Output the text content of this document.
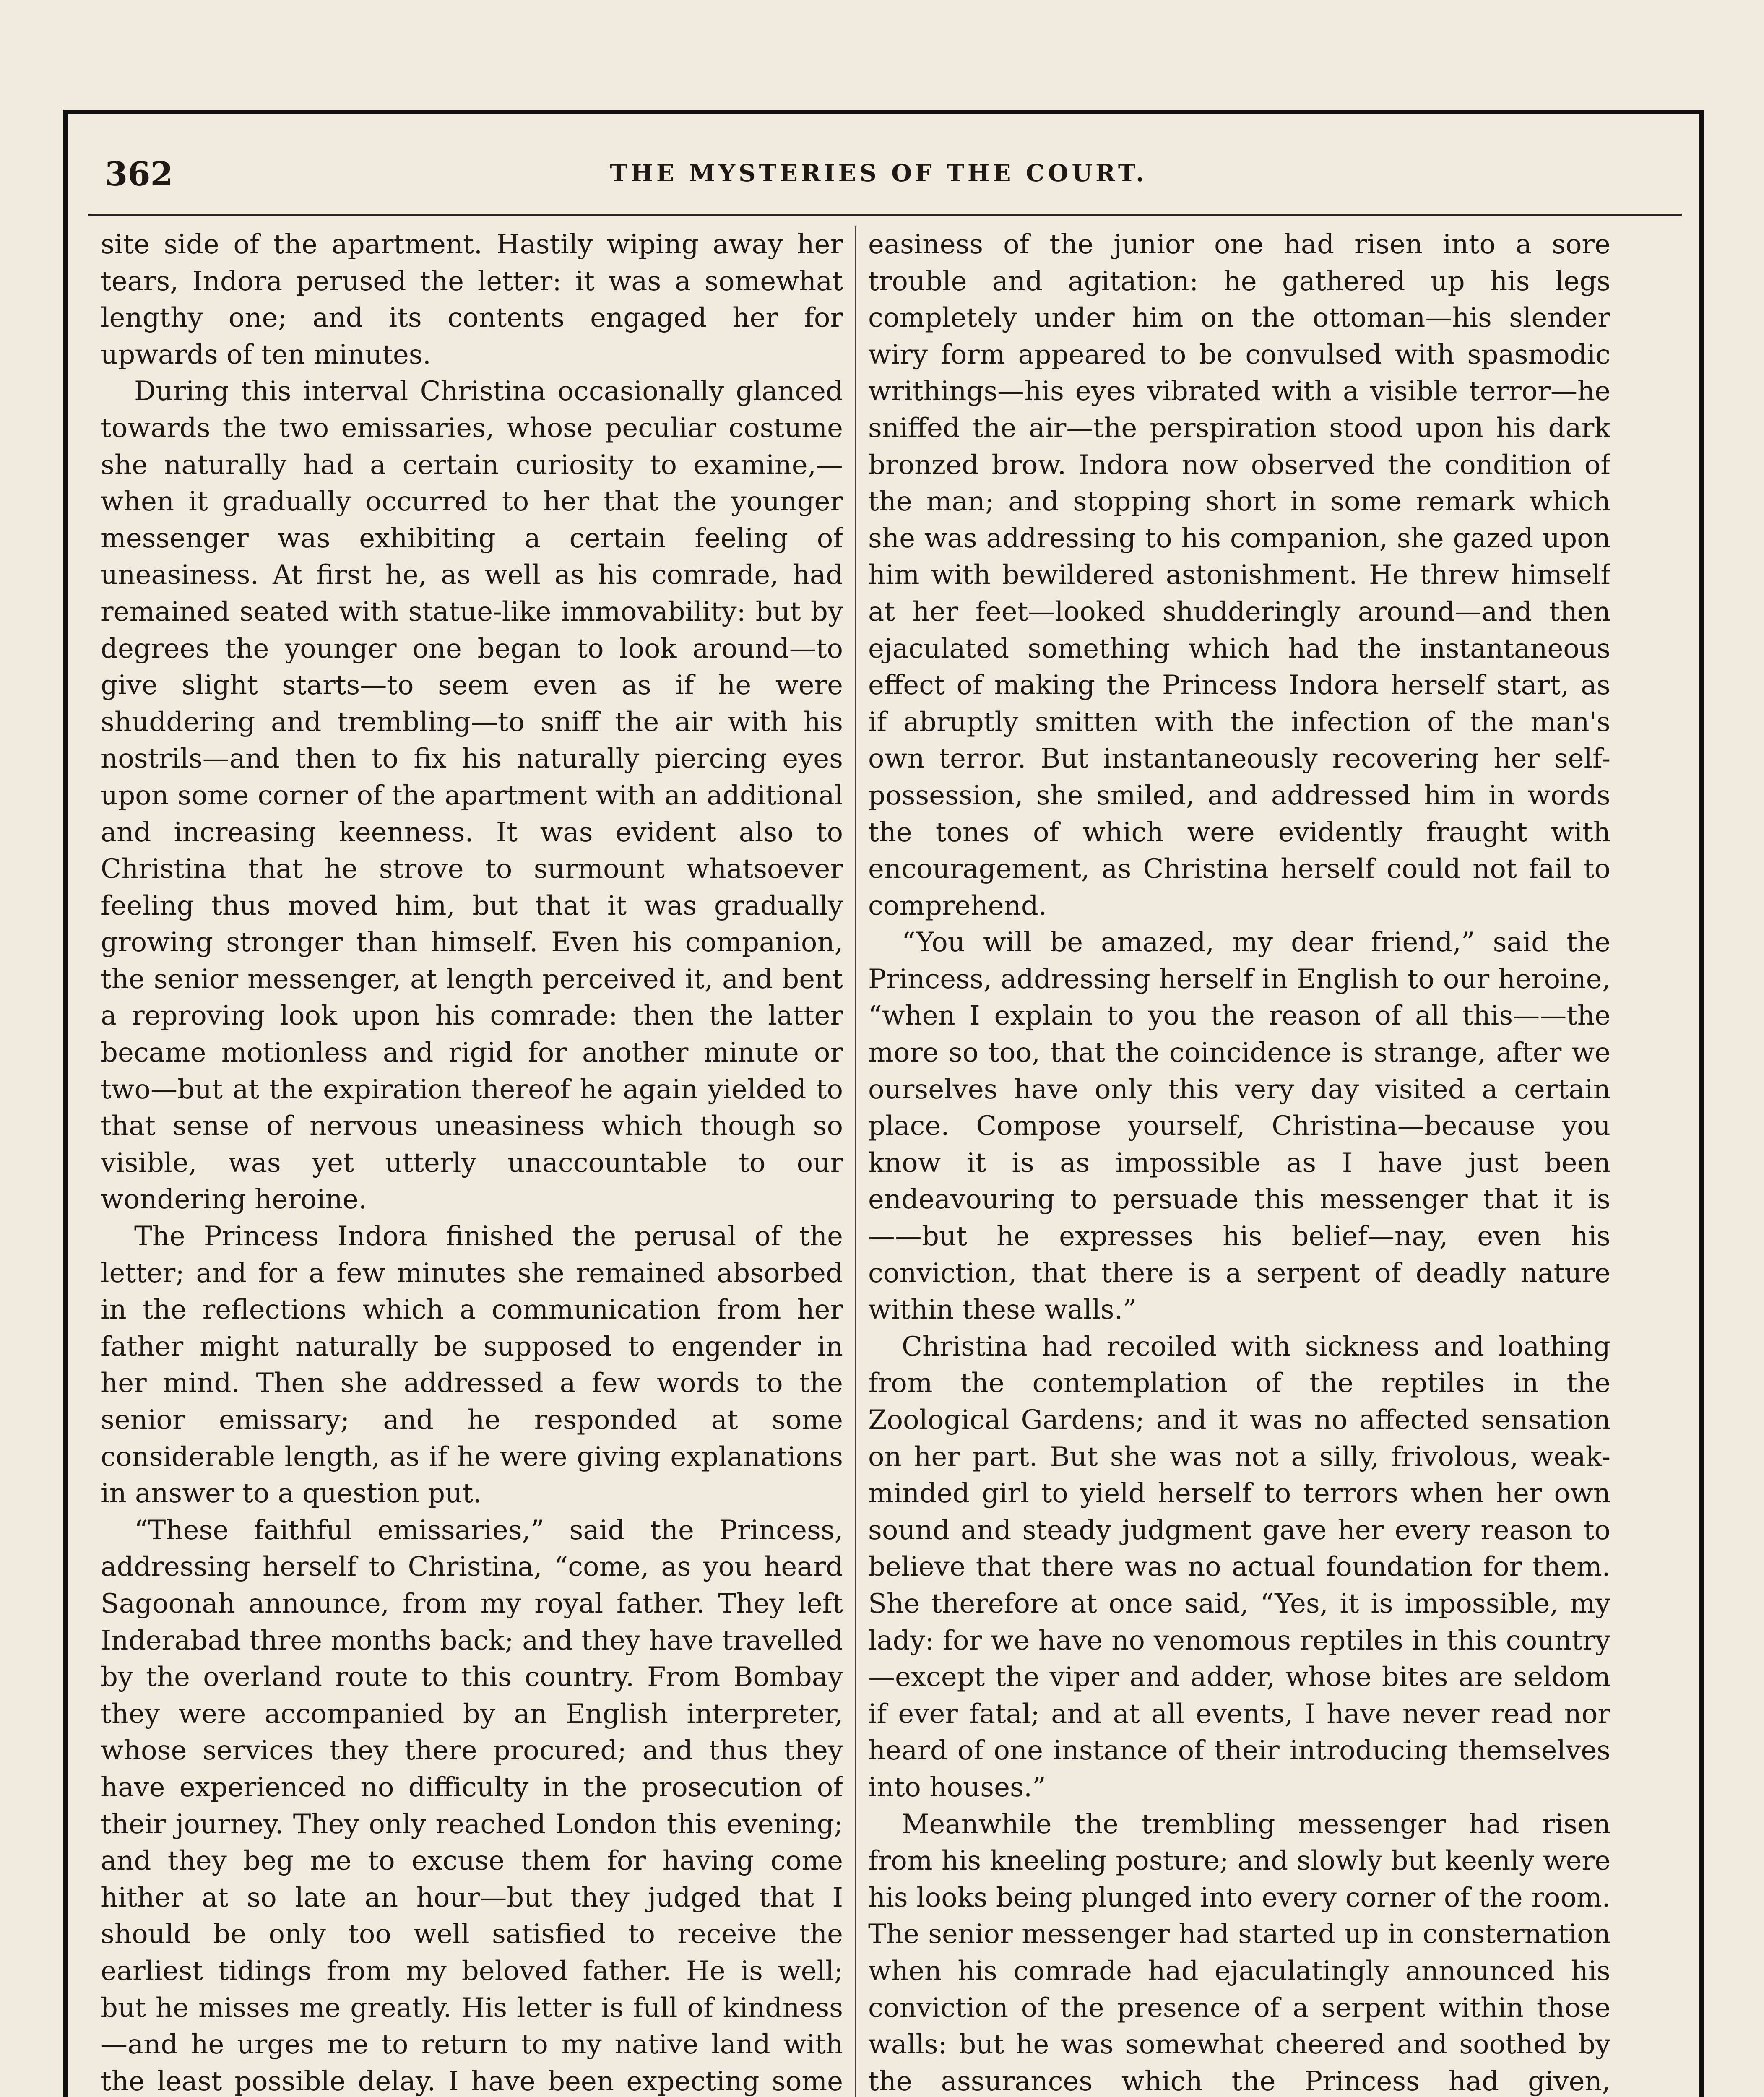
362	THE MYSTERIES OF THE COURT.

site side of the apartment. Hastily wiping away her tears, Indora perused the letter: it was a somewhat lengthy one; and its contents engaged her for upwards of ten minutes.

During this interval Christina occasionally glanced towards the two emissaries, whose peculiar costume she naturally had a certain curiosity to examine,—when it gradually occurred to her that the younger messenger was exhibiting a certain feeling of uneasiness. At first he, as well as his comrade, had remained seated with statue-like immovability: but by degrees the younger one began to look around—to give slight starts—to seem even as if he were shuddering and trembling—to sniff the air with his nostrils—and then to fix his naturally piercing eyes upon some corner of the apartment with an additional and increasing keenness. It was evident also to Christina that he strove to surmount whatsoever feeling thus moved him, but that it was gradually growing stronger than himself. Even his companion, the senior messenger, at length perceived it, and bent a reproving look upon his comrade: then the latter became motionless and rigid for another minute or two—but at the expiration thereof he again yielded to that sense of nervous uneasiness which though so visible, was yet utterly unaccountable to our wondering heroine.

The Princess Indora finished the perusal of the letter; and for a few minutes she remained absorbed in the reflections which a communication from her father might naturally be supposed to engender in her mind. Then she addressed a few words to the senior emissary; and he responded at some considerable length, as if he were giving explanations in answer to a question put.

“These faithful emissaries,” said the Princess, addressing herself to Christina, “come, as you heard Sagoonah announce, from my royal father. They left Inderabad three months back; and they have travelled by the overland route to this country. From Bombay they were accompanied by an English interpreter, whose services they there procured; and thus they have experienced no difficulty in the prosecution of their journey. They only reached London this evening; and they beg me to excuse them for having come hither at so late an hour—but they judged that I should be only too well satisfied to receive the earliest tidings from my beloved father. He is well; but he misses me greatly. His letter is full of kindness—and he urges me to return to my native land with the least possible delay. I have been expecting some

easiness of the junior one had risen into a sore trouble and agitation: he gathered up his legs completely under him on the ottoman—his slender wiry form appeared to be convulsed with spasmodic writhings—his eyes vibrated with a visible terror—he sniffed the air—the perspiration stood upon his dark bronzed brow. Indora now observed the condition of the man; and stopping short in some remark which she was addressing to his companion, she gazed upon him with bewildered astonishment. He threw himself at her feet—looked shudderingly around—and then ejaculated something which had the instantaneous effect of making the Princess Indora herself start, as if abruptly smitten with the infection of the man's own terror. But instantaneously recovering her self-possession, she smiled, and addressed him in words the tones of which were evidently fraught with encouragement, as Christina herself could not fail to comprehend.

“You will be amazed, my dear friend,” said the Princess, addressing herself in English to our heroine, “when I explain to you the reason of all this——the more so too, that the coincidence is strange, after we ourselves have only this very day visited a certain place. Compose yourself, Christina—because you know it is as impossible as I have just been endeavouring to persuade this messenger that it is——but he expresses his belief—nay, even his conviction, that there is a serpent of deadly nature within these walls.”

Christina had recoiled with sickness and loathing from the contemplation of the reptiles in the Zoological Gardens; and it was no affected sensation on her part. But she was not a silly, frivolous, weak-minded girl to yield herself to terrors when her own sound and steady judgment gave her every reason to believe that there was no actual foundation for them. She therefore at once said, “Yes, it is impossible, my lady: for we have no venomous reptiles in this country—except the viper and adder, whose bites are seldom if ever fatal; and at all events, I have never read nor heard of one instance of their introducing themselves into houses.”

Meanwhile the trembling messenger had risen from his kneeling posture; and slowly but keenly were his looks being plunged into every corner of the room. The senior messenger had started up in consternation when his comrade had ejaculatingly announced his conviction of the presence of a serpent within those walls: but he was somewhat cheered and soothed by the assurances which the Princess had given,
